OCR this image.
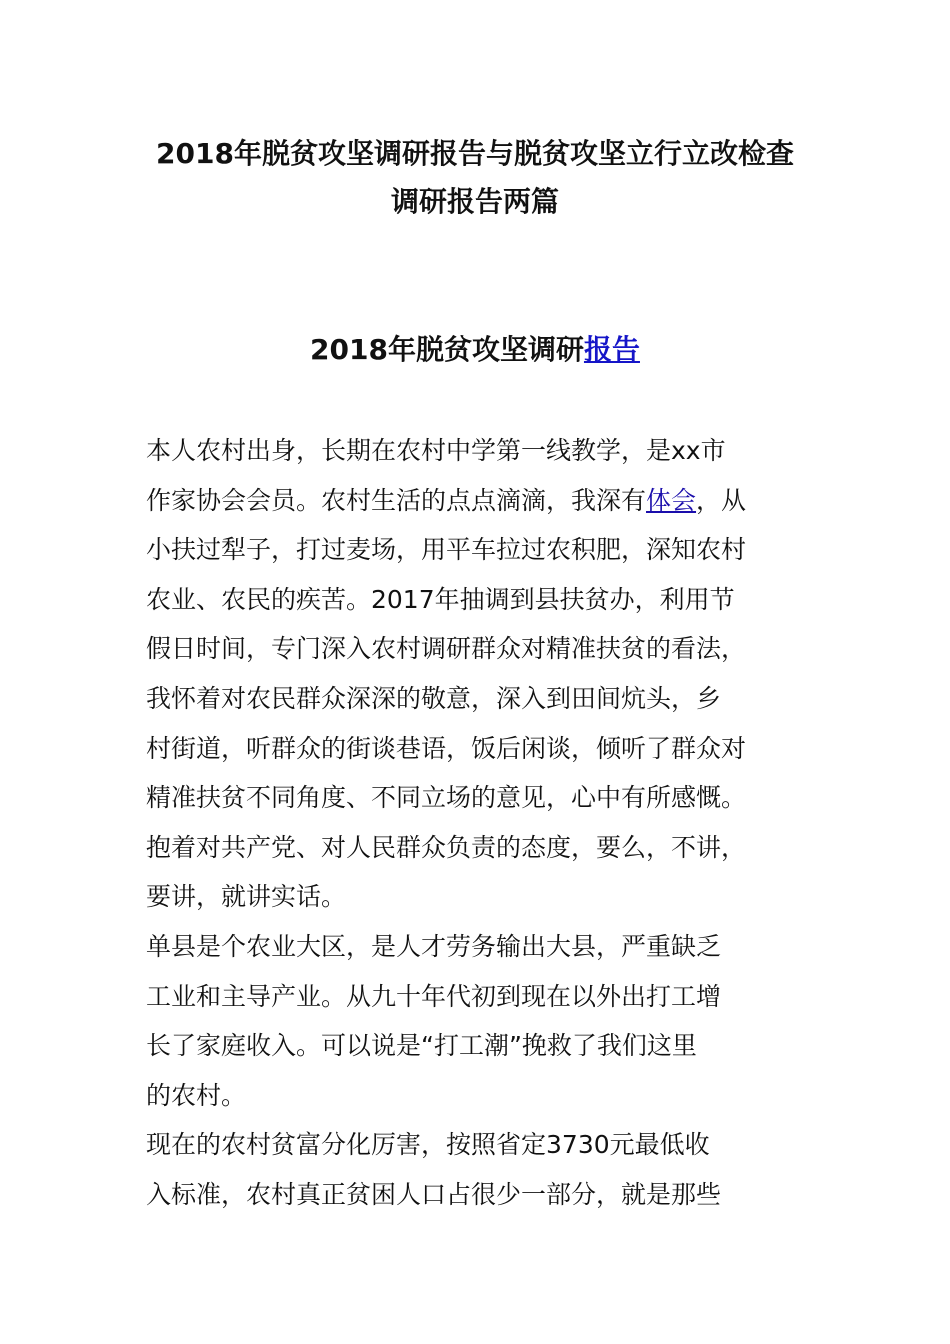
2018年脱贫攻坚调研报告与脱贫攻坚立行立改检查
调研报告两篇
2018年脱贫攻坚调研报告
本人农村出身，长期在农村中学第一线教学，是xx市
作家协会会员。农村生活的点点滴滴，我深有体会，从
小扶过犁子，打过麦场，用平车拉过农积肥，深知农村
农业、农民的疾苦。2017年抽调到县扶贫办，利用节
假日时间，专门深入农村调研群众对精准扶贫的看法，
我怀着对农民群众深深的敬意，深入到田间炕头，乡
村街道，听群众的街谈巷语，饭后闲谈，倾听了群众对
精准扶贫不同角度、不同立场的意见，心中有所感慨。
抱着对共产党、对人民群众负责的态度，要么，不讲，
要讲，就讲实话。
单县是个农业大区，是人才劳务输出大县，严重缺乏
工业和主导产业。从九十年代初到现在以外出打工增
长了家庭收入。可以说是“打工潮”挽救了我们这里
的农村。
现在的农村贫富分化厉害，按照省定3730元最低收
入标准，农村真正贫困人口占很少一部分，就是那些
